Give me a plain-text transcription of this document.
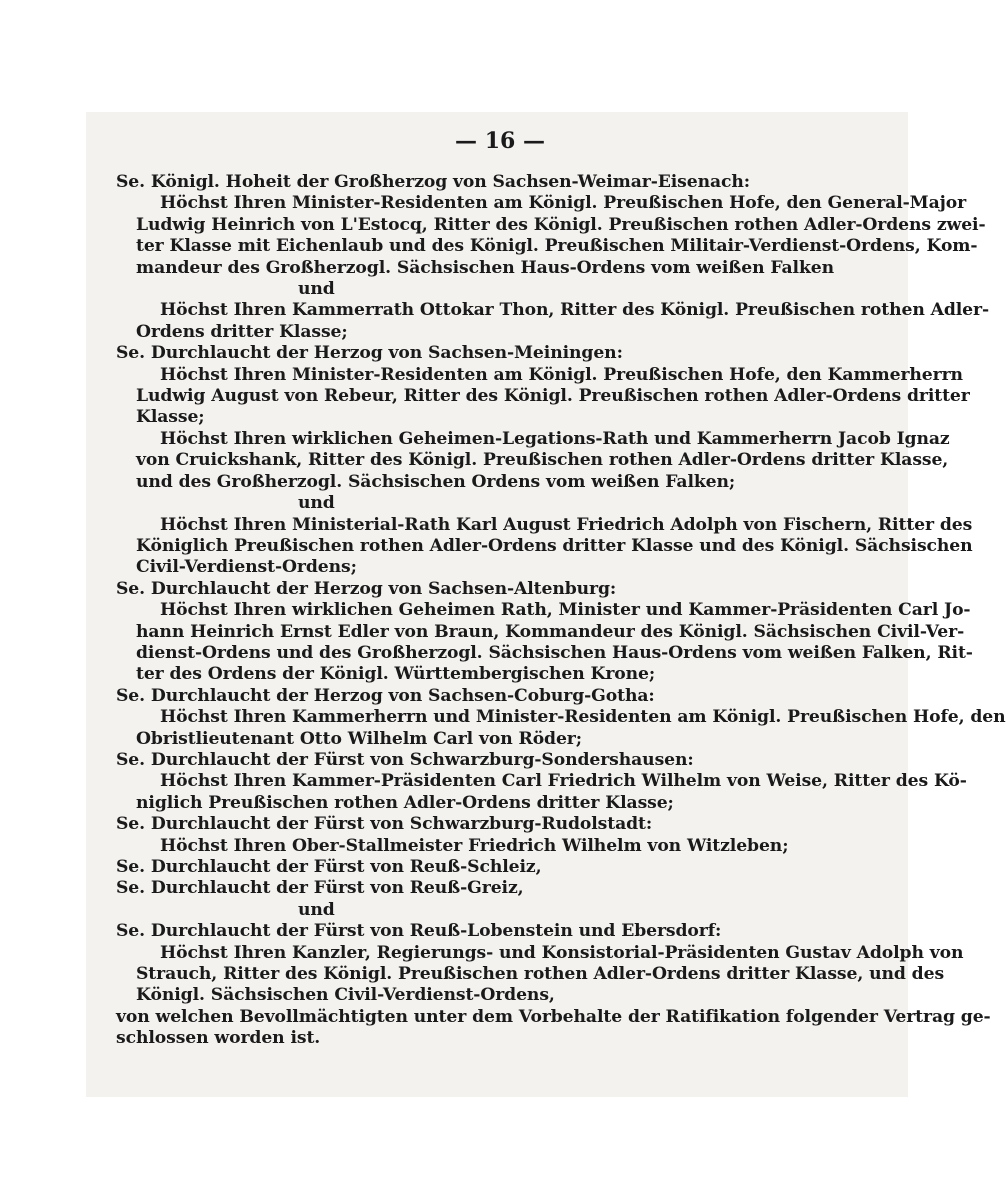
— 16 —
Se. Königl. Hoheit der Großherzog von Sachsen-Weimar-Eisenach:
Höchst Ihren Minister-Residenten am Königl. Preußischen Hofe, den General-Major
Ludwig Heinrich von L'Estocq, Ritter des Königl. Preußischen rothen Adler-Ordens zwei-
ter Klasse mit Eichenlaub und des Königl. Preußischen Militair-Verdienst-Ordens, Kom-
mandeur des Großherzogl. Sächsischen Haus-Ordens vom weißen Falken
und
Höchst Ihren Kammerrath Ottokar Thon, Ritter des Königl. Preußischen rothen Adler-
Ordens dritter Klasse;
Se. Durchlaucht der Herzog von Sachsen-Meiningen:
Höchst Ihren Minister-Residenten am Königl. Preußischen Hofe, den Kammerherrn
Ludwig August von Rebeur, Ritter des Königl. Preußischen rothen Adler-Ordens dritter
Klasse;
Höchst Ihren wirklichen Geheimen-Legations-Rath und Kammerherrn Jacob Ignaz
von Cruickshank, Ritter des Königl. Preußischen rothen Adler-Ordens dritter Klasse,
und des Großherzogl. Sächsischen Ordens vom weißen Falken;
und
Höchst Ihren Ministerial-Rath Karl August Friedrich Adolph von Fischern, Ritter des
Königlich Preußischen rothen Adler-Ordens dritter Klasse und des Königl. Sächsischen
Civil-Verdienst-Ordens;
Se. Durchlaucht der Herzog von Sachsen-Altenburg:
Höchst Ihren wirklichen Geheimen Rath, Minister und Kammer-Präsidenten Carl Jo-
hann Heinrich Ernst Edler von Braun, Kommandeur des Königl. Sächsischen Civil-Ver-
dienst-Ordens und des Großherzogl. Sächsischen Haus-Ordens vom weißen Falken, Rit-
ter des Ordens der Königl. Württembergischen Krone;
Se. Durchlaucht der Herzog von Sachsen-Coburg-Gotha:
Höchst Ihren Kammerherrn und Minister-Residenten am Königl. Preußischen Hofe, den
Obristlieutenant Otto Wilhelm Carl von Röder;
Se. Durchlaucht der Fürst von Schwarzburg-Sondershausen:
Höchst Ihren Kammer-Präsidenten Carl Friedrich Wilhelm von Weise, Ritter des Kö-
niglich Preußischen rothen Adler-Ordens dritter Klasse;
Se. Durchlaucht der Fürst von Schwarzburg-Rudolstadt:
Höchst Ihren Ober-Stallmeister Friedrich Wilhelm von Witzleben;
Se. Durchlaucht der Fürst von Reuß-Schleiz,
Se. Durchlaucht der Fürst von Reuß-Greiz,
und
Se. Durchlaucht der Fürst von Reuß-Lobenstein und Ebersdorf:
Höchst Ihren Kanzler, Regierungs- und Konsistorial-Präsidenten Gustav Adolph von
Strauch, Ritter des Königl. Preußischen rothen Adler-Ordens dritter Klasse, und des
Königl. Sächsischen Civil-Verdienst-Ordens,
von welchen Bevollmächtigten unter dem Vorbehalte der Ratifikation folgender Vertrag ge-
schlossen worden ist.
